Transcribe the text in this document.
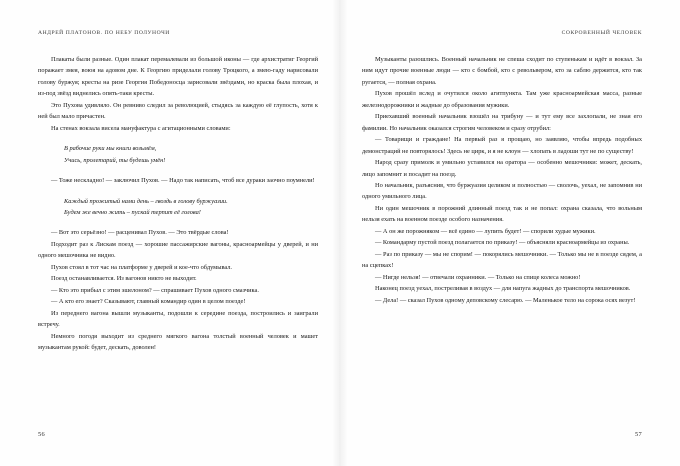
АНДРЕЙ ПЛАТОНОВ. ПО НЕБУ ПОЛУНОЧИ

Плакаты были разные. Один плакат перемалевали из большой иконы — где архистратиг Георгий поражает змея, воюя на адовом дне. К Георгию приделали голову Троцкого, а змею-гаду нарисовали голову буржуя; кресты на ризе Георгия Победоносца зарисовали звёздами, но краска была плохая, и из-под звёзд виднелись опять-таки кресты.

Это Пухова удивляло. Он ревниво следил за революцией, стыдясь за каждую её глупость, хотя к ней был мало причастен.

На стенах вокзала висела мануфактура с агитационными словами:

В рабочие руки мы книги возьмём,

Учись, пролетарий, ты будешь умён!

— Тоже нескладно! — заключил Пухов. — Надо так написать, чтоб все дураки заочно поумнели!

Каждый прожитый нами день – гвоздь в голову буржуазии.

Будем же вечно жить – пускай терпит её голова!

— Вот это серьёзно! — расценивал Пухов. — Это твёрдые слова!

Подходит раз к Лискам поезд — хорошие пассажирские вагоны, красноармейцы у дверей, и ни одного мешочника не видно.

Пухов стоял в тот час на платформе у дверей и кое-что обдумывал.

Поезд останавливается. Из вагонов никто не выходит.

— Кто это прибыл с этим эшелоном? — спрашивает Пухов одного смазчика.

— А кто его знает? Сказывают, главный командир один в целом поезде!

Из переднего вагона вышли музыканты, подошли к середине поезда, построились и заиграли встречу.

Немного погодя выходит из среднего мягкого вагона толстый военный человек и машет музыкантам рукой: будет, дескать, доволен!

56
СОКРОВЕННЫЙ ЧЕЛОВЕК

Музыканты разошлись. Военный начальник не спеша сходит по ступенькам и идёт в вокзал. За ним идут прочие военные люди — кто с бомбой, кто с револьвером, кто за саблю держится, кто так ругается, — полная охрана.

Пухов прошёл вслед и очутился около агитпункта. Там уже красноармейская масса, разные железнодорожники и жадные до образования мужики.

Приехавший военный начальник взошёл на трибуну — и тут ему все захлопали, не зная его фамилии. Но начальник оказался строгим человеком и сразу отрубил:

— Товарищи и граждане! На первый раз я прощаю, но заявляю, чтобы впредь подобных демонстраций не повторялось! Здесь не цирк, и я не клоун — хлопать в ладоши тут не по существу!

Народ сразу примолк и умильно уставился на оратора — особенно мешочники: может, дескать, лицо запомнит и посадит на поезд.

Но начальник, разъяснив, что буржуазия целиком и полностью — сволочь, уехал, не запомнив ни одного умильного лица.

Ни один мешочник в порожний длинный поезд так и не попал: охрана сказала, что вольным нельзя ехать на военном поезде особого назначения.

— А он же порожняком — всё едино — лупить будет! — спорили худые мужики.

— Командарму пустой поезд полагается по приказу! — объясняли красноармейцы из охраны.

— Раз по приказу — мы не спорим! — покорялись мешочники. — Только мы не в поезде сядем, а на сцепках!

— Нигде нельзя! — отвечали охранники. — Только на спице колеса можно!

Наконец поезд уехал, постреливая в воздух — для напуга жадных до транспорта мешочников.

— Дела! — сказал Пухов одному деповскому слесарю. — Маленькое тело на сорока осях везут!

57
